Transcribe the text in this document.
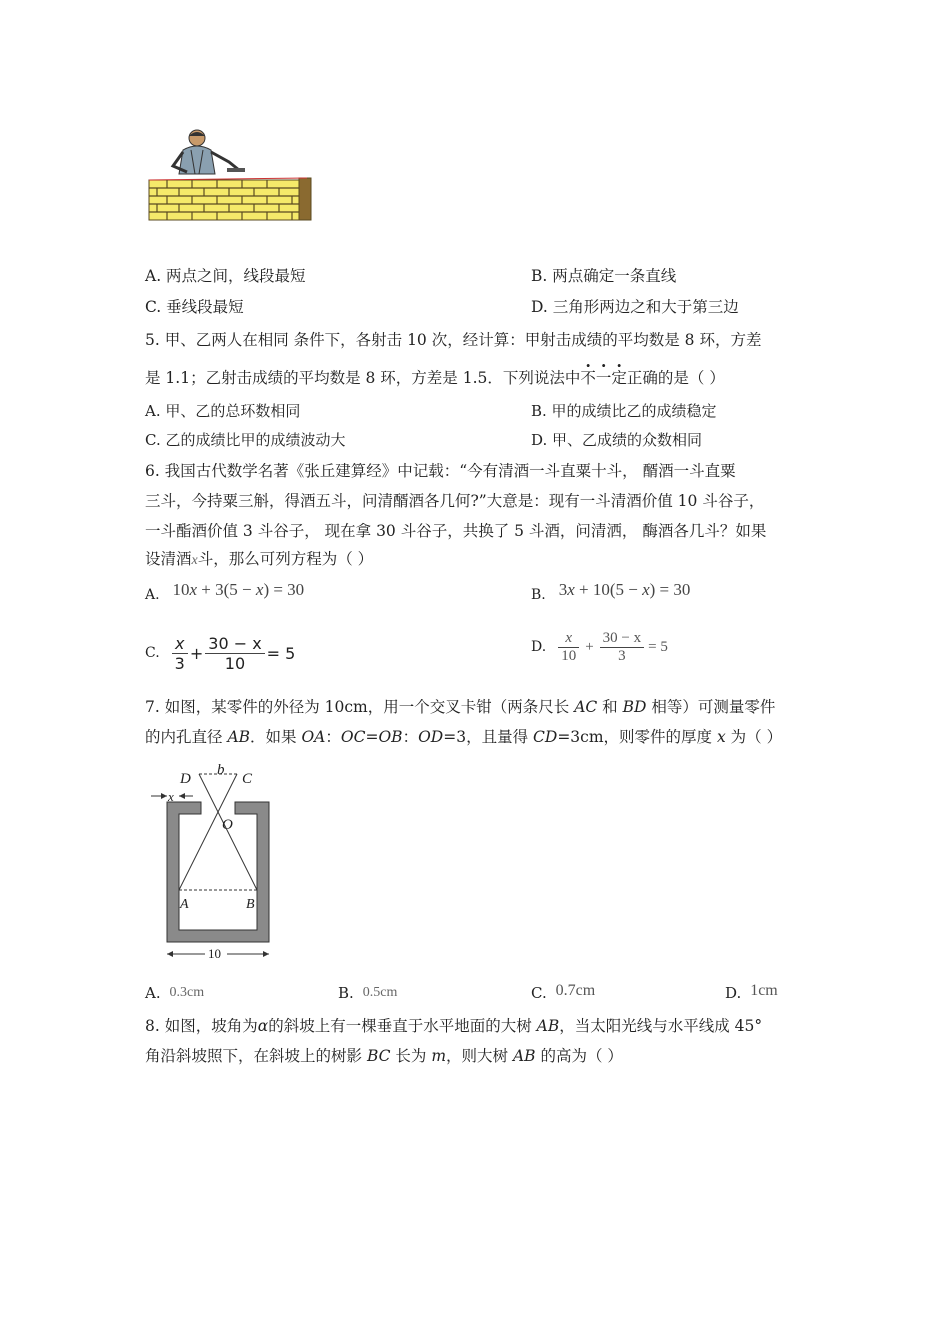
A. 两点之间，线段最短	B. 两点确定一条直线
C. 垂线段最短	D. 三角形两边之和大于第三边
5. 甲、乙两人在相同 条件下，各射击 10 次，经计算：甲射击成绩的平均数是 8 环，方差
是 1.1；乙射击成绩的平均数是 8 环，方差是 1.5．下列说法中不一定正确的是（ ）
A. 甲、乙的总环数相同	B. 甲的成绩比乙的成绩稳定
C. 乙的成绩比甲的成绩波动大	D. 甲、乙成绩的众数相同
6. 我国古代数学名著《张丘建算经》中记载：“今有清酒一斗直粟十斗， 醑酒一斗直粟
三斗，今持粟三斛，得酒五斗，问清醑酒各几何?”大意是：现有一斗清酒价值 10 斗谷子，
一斗酯酒价值 3 斗谷子， 现在拿 30 斗谷子，共换了 5 斗酒，问清洒， 酶酒各几斗？如果
设清酒x斗，那么可列方程为（ ）
A. 10x + 3(5 − x) = 30	B. 3x + 10(5 − x) = 30
C. $\frac{x}{3} + \frac{30 - x}{10} = 5$	D. $\frac{x}{10} + \frac{30 - x}{3} = 5$
7. 如图，某零件的外径为 10cm，用一个交叉卡钳（两条尺长 AC 和 BD 相等）可测量零件
的内孔直径 AB．如果 OA：OC=OB：OD=3，且量得 CD=3cm，则零件的厚度 x 为（ ）
D
b
C
x
O
A	B
10
A. 0.3cm	B. 0.5cm	C. 0.7cm	D. 1cm
8. 如图，坡角为α的斜坡上有一棵垂直于水平地面的大树 AB，当太阳光线与水平线成 45°
角沿斜坡照下，在斜坡上的树影 BC 长为 m，则大树 AB 的高为（ ）
